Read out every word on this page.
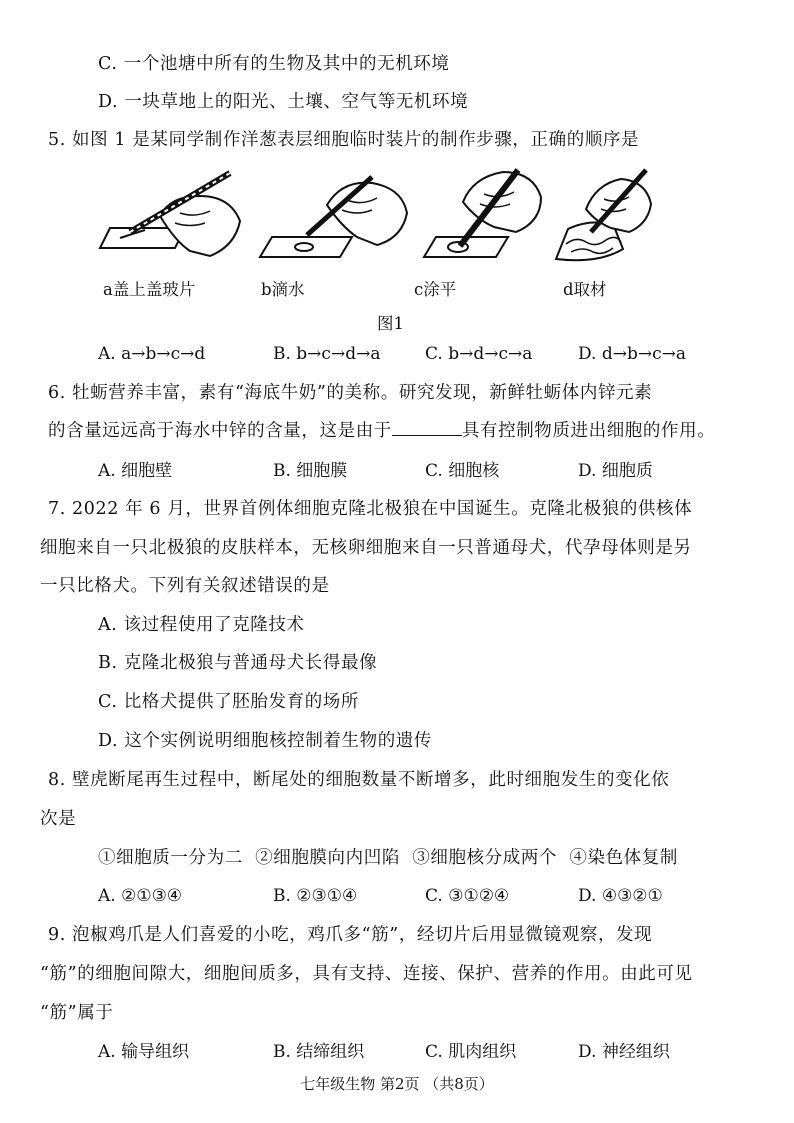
C. 一个池塘中所有的生物及其中的无机环境
D. 一块草地上的阳光、土壤、空气等无机环境
5. 如图 1 是某同学制作洋葱表层细胞临时装片的制作步骤，正确的顺序是
a盖上盖玻片	b滴水	c涂平	d取材
图1
A. a→b→c→d	B. b→c→d→a	C. b→d→c→a	D. d→b→c→a
6. 牡蛎营养丰富，素有“海底牛奶”的美称。研究发现，新鲜牡蛎体内锌元素
的含量远远高于海水中锌的含量，这是由于	具有控制物质进出细胞的作用。
A. 细胞壁	B. 细胞膜	C. 细胞核	D. 细胞质
7. 2022 年 6 月，世界首例体细胞克隆北极狼在中国诞生。克隆北极狼的供核体
细胞来自一只北极狼的皮肤样本，无核卵细胞来自一只普通母犬，代孕母体则是另
一只比格犬。下列有关叙述错误的是
A. 该过程使用了克隆技术
B. 克隆北极狼与普通母犬长得最像
C. 比格犬提供了胚胎发育的场所
D. 这个实例说明细胞核控制着生物的遗传
8. 壁虎断尾再生过程中，断尾处的细胞数量不断增多，此时细胞发生的变化依
次是
①细胞质一分为二  ②细胞膜向内凹陷  ③细胞核分成两个  ④染色体复制
A. ②①③④	B. ②③①④	C. ③①②④	D. ④③②①
9. 泡椒鸡爪是人们喜爱的小吃，鸡爪多“筋”，经切片后用显微镜观察，发现
“筋”的细胞间隙大，细胞间质多，具有支持、连接、保护、营养的作用。由此可见
“筋”属于
A. 输导组织	B. 结缔组织	C. 肌肉组织	D. 神经组织
七年级生物 第2页 （共8页）
